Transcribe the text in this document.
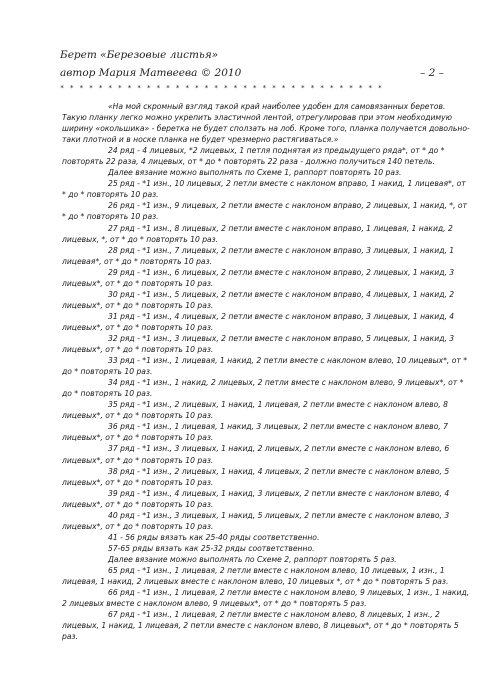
Берет «Березовые листья»
автор Мария Матвеева © 2010	– 2 –
* * * * * * * * * * * * * * * * * * * * * * * * * * * * * * * * * *

«На мой скромный взгляд такой край наиболее удобен для самовязанных беретов. Такую планку легко можно укрепить эластичной лентой, отрегулировав при этом необходимую ширину «окольшика» - беретка не будет сползать на лоб. Кроме того, планка получается довольно-таки плотной и в носке планка не будет чрезмерно растягиваться.»

24 ряд - 4 лицевых, *2 лицевых, 1 петля поднятая из предыдущего ряда*, от * до * повторять 22 раза, 4 лицевых, от * до * повторять 22 раза - должно получиться 140 петель.

Далее вязание можно выполнять по Схеме 1, раппорт повторять 10 раз.

25 ряд - *1 изн., 10 лицевых, 2 петли вместе с наклоном вправо, 1 накид, 1 лицевая*, от * до * повторять 10 раз.

26 ряд - *1 изн., 9 лицевых, 2 петли вместе с наклоном вправо, 2 лицевых, 1 накид, *, от * до * повторять 10 раз.

27 ряд - *1 изн., 8 лицевых, 2 петли вместе с наклоном вправо, 1 лицевая, 1 накид, 2 лицевых, *, от * до * повторять 10 раз.

28 ряд - *1 изн., 7 лицевых, 2 петли вместе с наклоном вправо, 3 лицевых, 1 накид, 1 лицевая*, от * до * повторять 10 раз.

29 ряд - *1 изн., 6 лицевых, 2 петли вместе с наклоном вправо, 2 лицевых, 1 накид, 3 лицевых*, от * до * повторять 10 раз.

30 ряд - *1 изн., 5 лицевых, 2 петли вместе с наклоном вправо, 4 лицевых, 1 накид, 2 лицевых*, от * до * повторять 10 раз.

31 ряд - *1 изн., 4 лицевых, 2 петли вместе с наклоном вправо, 3 лицевых, 1 накид, 4 лицевых*, от * до * повторять 10 раз.

32 ряд - *1 изн., 3 лицевых, 2 петли вместе с наклоном вправо, 5 лицевых, 1 накид, 3 лицевых*, от * до * повторять 10 раз.

33 ряд - *1 изн., 1 лицевая, 1 накид, 2 петли вместе с наклоном влево, 10 лицевых*, от * до * повторять 10 раз.

34 ряд - *1 изн., 1 накид, 2 лицевых, 2 петли вместе с наклоном влево, 9 лицевых*, от * до * повторять 10 раз.

35 ряд - *1 изн., 2 лицевых, 1 накид, 1 лицевая, 2 петли вместе с наклоном влево, 8 лицевых*, от * до * повторять 10 раз.

36 ряд - *1 изн., 1 лицевая, 1 накид, 3 лицевых, 2 петли вместе с наклоном влево, 7 лицевых*, от * до * повторять 10 раз.

37 ряд - *1 изн., 3 лицевых, 1 накид, 2 лицевых, 2 петли вместе с наклоном влево, 6 лицевых*, от * до * повторять 10 раз.

38 ряд - *1 изн., 2 лицевых, 1 накид, 4 лицевых, 2 петли вместе с наклоном влево, 5 лицевых*, от * до * повторять 10 раз.

39 ряд - *1 изн., 4 лицевых, 1 накид, 3 лицевых, 2 петли вместе с наклоном влево, 4 лицевых*, от * до * повторять 10 раз.

40 ряд - *1 изн., 3 лицевых, 1 накид, 5 лицевых, 2 петли вместе с наклоном влево, 3 лицевых*, от * до * повторять 10 раз.

41 - 56 ряды вязать как 25-40 ряды соответственно.

57-65 ряды вязать как 25-32 ряды соответственно.

Далее вязание можно выполнять по Схеме 2, раппорт повторять 5 раз.

65 ряд - *1 изн., 1 лицевая, 2 петли вместе с наклоном влево, 10 лицевых, 1 изн., 1 лицевая, 1 накид, 2 лицевых вместе с наклоном влево, 10 лицевых *, от * до * повторять 5 раз.

66 ряд - *1 изн., 1 лицевая, 2 петли вместе с наклоном влево, 9 лицевых, 1 изн., 1 накид, 2 лицевых вместе с наклоном влево, 9 лицевых*, от * до * повторять 5 раз.

67 ряд - *1 изн., 1 лицевая, 2 петли вместе с наклоном влево, 8 лицевых, 1 изн., 2 лицевых, 1 накид, 1 лицевая, 2 петли вместе с наклоном влево, 8 лицевых*, от * до * повторять 5 раз.
